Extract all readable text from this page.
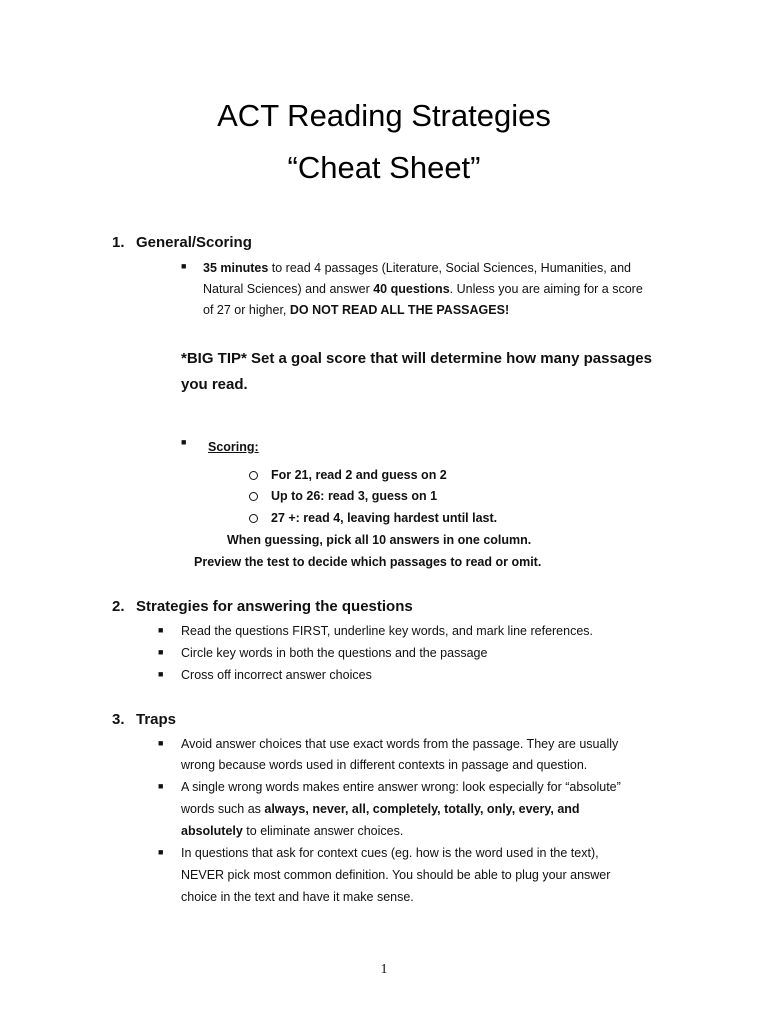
ACT Reading Strategies
“Cheat Sheet”
1. General/Scoring
■ 35 minutes to read 4 passages (Literature, Social Sciences, Humanities, and
Natural Sciences) and answer 40 questions. Unless you are aiming for a score
of 27 or higher, DO NOT READ ALL THE PASSAGES!
*BIG TIP* Set a goal score that will determine how many passages
you read.
■ Scoring:
For 21, read 2 and guess on 2
Up to 26: read 3, guess on 1
27 +: read 4, leaving hardest until last.
When guessing, pick all 10 answers in one column.
Preview the test to decide which passages to read or omit.
2. Strategies for answering the questions
■ Read the questions FIRST, underline key words, and mark line references.
■ Circle key words in both the questions and the passage
■ Cross off incorrect answer choices
3. Traps
■ Avoid answer choices that use exact words from the passage. They are usually
wrong because words used in different contexts in passage and question.
■ A single wrong words makes entire answer wrong: look especially for “absolute”
words such as always, never, all, completely, totally, only, every, and
absolutely to eliminate answer choices.
■ In questions that ask for context cues (eg. how is the word used in the text),
NEVER pick most common definition. You should be able to plug your answer
choice in the text and have it make sense.
1
